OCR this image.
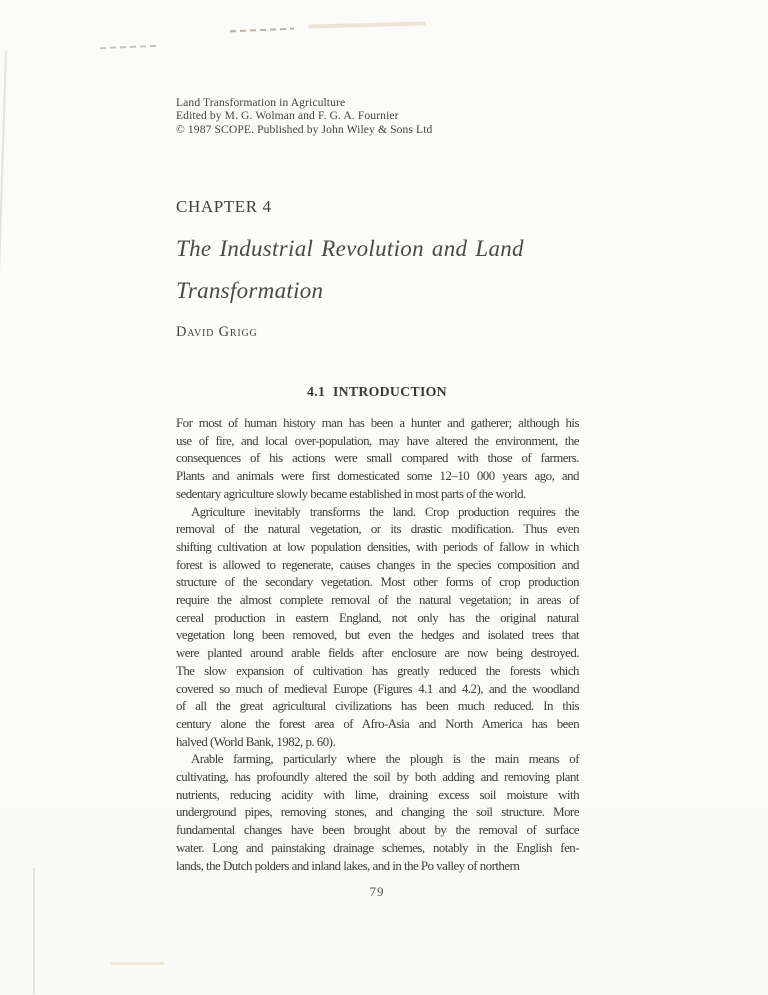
Land Transformation in Agriculture
Edited by M. G. Wolman and F. G. A. Fournier
© 1987 SCOPE. Published by John Wiley & Sons Ltd
CHAPTER 4
The Industrial Revolution and Land
Transformation
David Grigg
4.1 INTRODUCTION
For most of human history man has been a hunter and gatherer; although his
use of fire, and local over-population, may have altered the environment, the
consequences of his actions were small compared with those of farmers.
Plants and animals were first domesticated some 12–10 000 years ago, and
sedentary agriculture slowly became established in most parts of the world.
Agriculture inevitably transforms the land. Crop production requires the
removal of the natural vegetation, or its drastic modification. Thus even
shifting cultivation at low population densities, with periods of fallow in which
forest is allowed to regenerate, causes changes in the species composition and
structure of the secondary vegetation. Most other forms of crop production
require the almost complete removal of the natural vegetation; in areas of
cereal production in eastern England, not only has the original natural
vegetation long been removed, but even the hedges and isolated trees that
were planted around arable fields after enclosure are now being destroyed.
The slow expansion of cultivation has greatly reduced the forests which
covered so much of medieval Europe (Figures 4.1 and 4.2), and the woodland
of all the great agricultural civilizations has been much reduced. In this
century alone the forest area of Afro-Asia and North America has been
halved (World Bank, 1982, p. 60).
Arable farming, particularly where the plough is the main means of
cultivating, has profoundly altered the soil by both adding and removing plant
nutrients, reducing acidity with lime, draining excess soil moisture with
underground pipes, removing stones, and changing the soil structure. More
fundamental changes have been brought about by the removal of surface
water. Long and painstaking drainage schemes, notably in the English fen-
lands, the Dutch polders and inland lakes, and in the Po valley of northern
79
